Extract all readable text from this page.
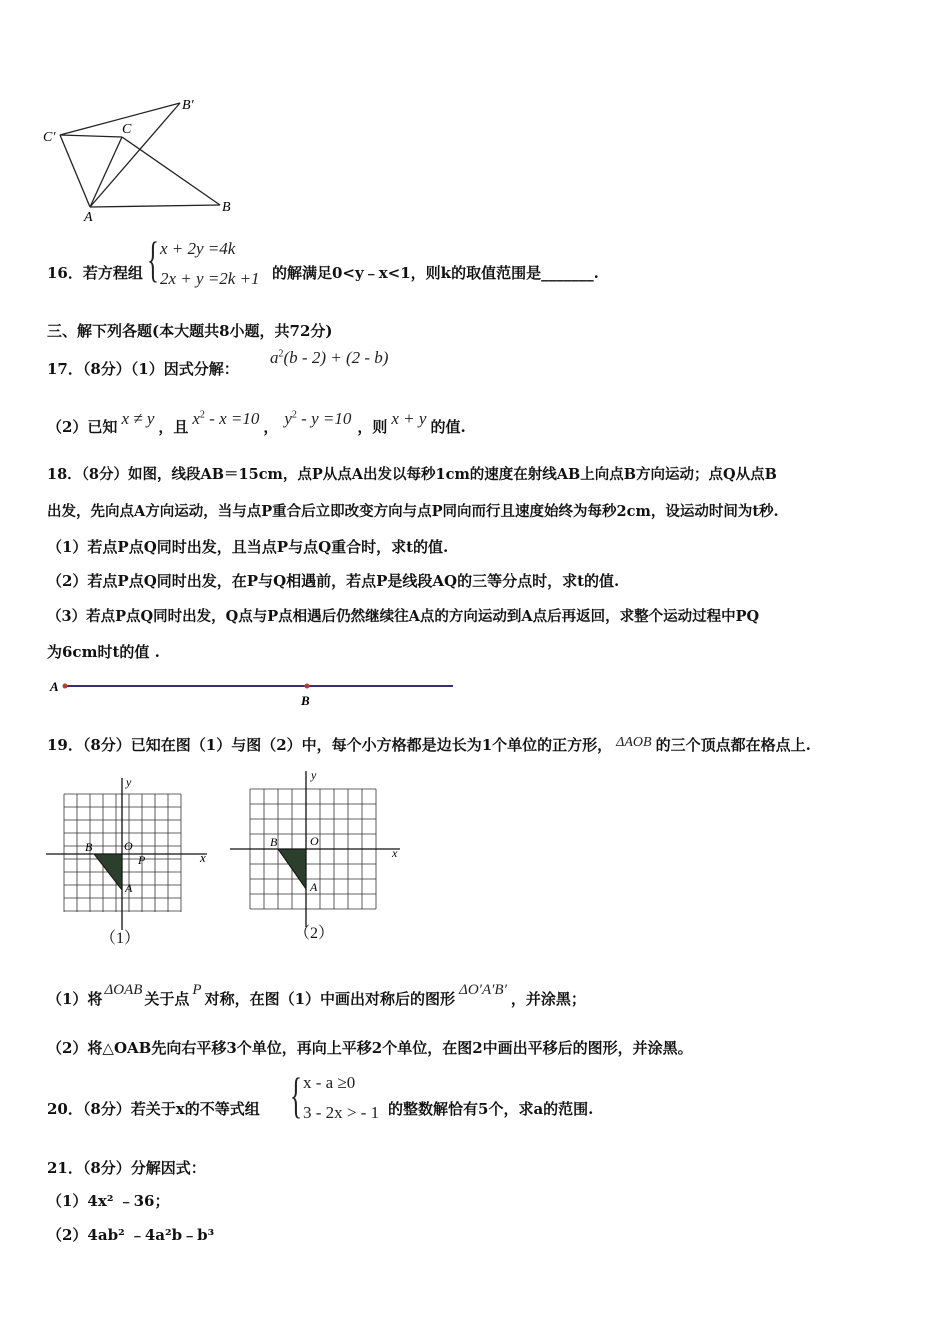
C′
C
B′
A
B
16．若方程组 { x + 2y =4k
2x + y =2k +1 的解满足0<y﹣x<1，则k的取值范围是_______.
三、解下列各题(本大题共8小题，共72分)
17．（8分）（1）因式分解：
$a^2(b - 2) + (2 - b)$
（2）已知 x ≠ y ，且 $x^2 - x =10$ ， $y^2 - y =10$ ，则 x + y 的值.
18．（8分）如图，线段AB＝15cm，点P从点A出发以每秒1cm的速度在射线AB上向点B方向运动；点Q从点B
出发，先向点A方向运动，当与点P重合后立即改变方向与点P同向而行且速度始终为每秒2cm，设运动时间为t秒.
（1）若点P点Q同时出发，且当点P与点Q重合时，求t的值.
（2）若点P点Q同时出发，在P与Q相遇前，若点P是线段AQ的三等分点时，求t的值.
（3）若点P点Q同时出发，Q点与P点相遇后仍然继续往A点的方向运动到A点后再返回，求整个运动过程中PQ
为6cm时t的值 .
A
B
19．（8分）已知在图（1）与图（2）中，每个小方格都是边长为1个单位的正方形， ΔAOB 的三个顶点都在格点上.
x
y
O
B
A
P
（1）
x
y
O
B
A
（2）
（1）将 ΔOAB 关于点 P 对称，在图（1）中画出对称后的图形 ΔO′A′B′ ，并涂黑；
（2）将△OAB先向右平移3个单位，再向上平移2个单位，在图2中画出平移后的图形，并涂黑。
20．（8分）若关于x的不等式组 { x - a ≥0
3 - 2x > - 1 的整数解恰有5个，求a的范围.
21．（8分）分解因式：
（1）4x² ﹣36；
（2）4ab² ﹣4a²b﹣b³
